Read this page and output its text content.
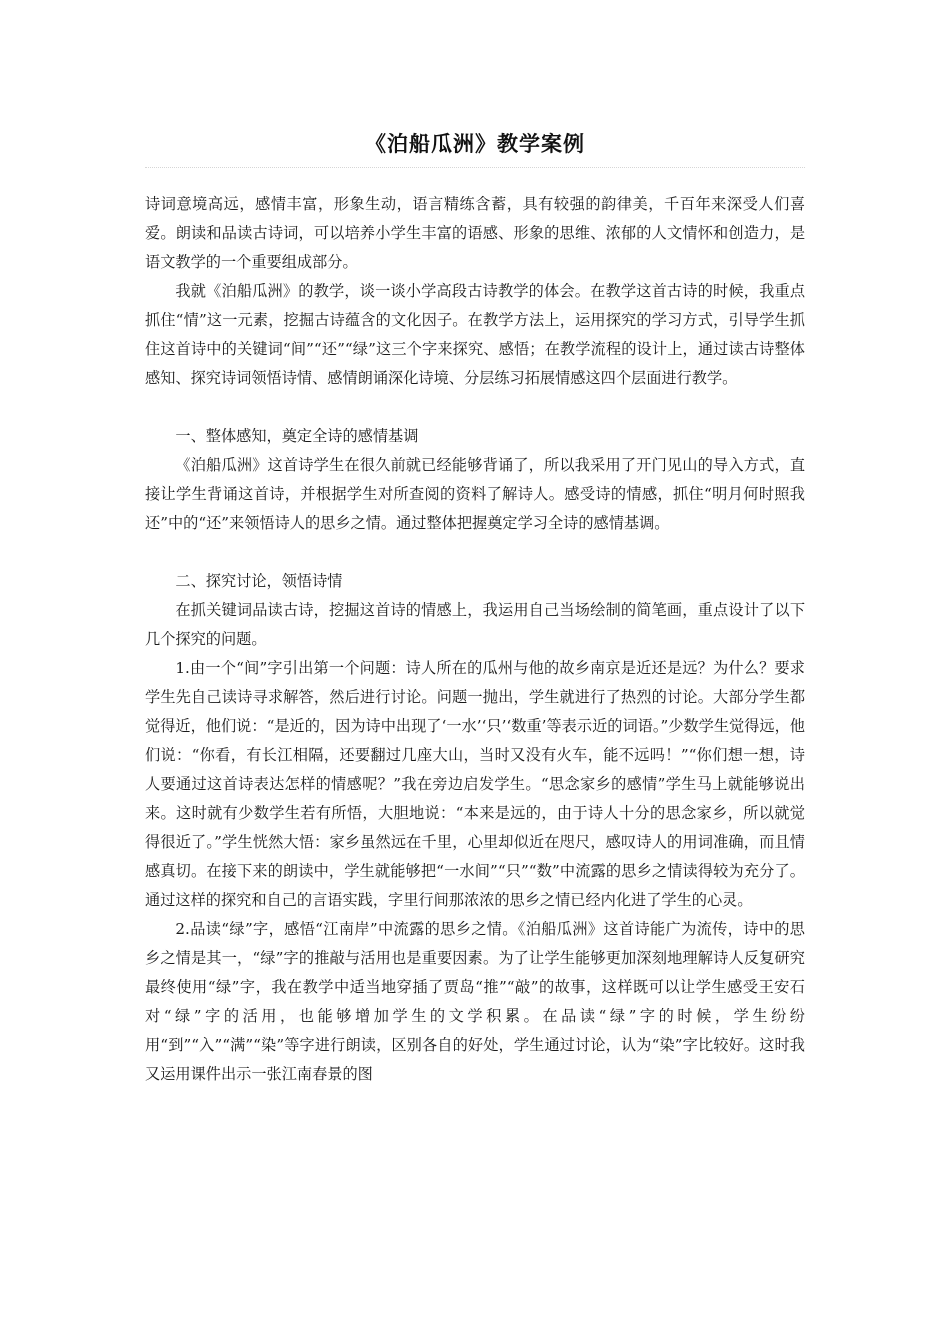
《泊船瓜洲》教学案例

诗词意境高远，感情丰富，形象生动，语言精练含蓄，具有较强的韵律美，千百年来深受人们喜爱。朗读和品读古诗词，可以培养小学生丰富的语感、形象的思维、浓郁的人文情怀和创造力，是语文教学的一个重要组成部分。

我就《泊船瓜洲》的教学，谈一谈小学高段古诗教学的体会。在教学这首古诗的时候，我重点抓住“情”这一元素，挖掘古诗蕴含的文化因子。在教学方法上，运用探究的学习方式，引导学生抓住这首诗中的关键词“间”“还”“绿”这三个字来探究、感悟；在教学流程的设计上，通过读古诗整体感知、探究诗词领悟诗情、感情朗诵深化诗境、分层练习拓展情感这四个层面进行教学。

一、整体感知，奠定全诗的感情基调

《泊船瓜洲》这首诗学生在很久前就已经能够背诵了，所以我采用了开门见山的导入方式，直接让学生背诵这首诗，并根据学生对所查阅的资料了解诗人。感受诗的情感，抓住“明月何时照我还”中的“还”来领悟诗人的思乡之情。通过整体把握奠定学习全诗的感情基调。

二、探究讨论，领悟诗情

在抓关键词品读古诗，挖掘这首诗的情感上，我运用自己当场绘制的简笔画，重点设计了以下几个探究的问题。

1.由一个“间”字引出第一个问题：诗人所在的瓜州与他的故乡南京是近还是远？为什么？要求学生先自己读诗寻求解答，然后进行讨论。问题一抛出，学生就进行了热烈的讨论。大部分学生都觉得近，他们说：“是近的，因为诗中出现了‘一水’‘只’‘数重’等表示近的词语。”少数学生觉得远，他们说：“你看，有长江相隔，还要翻过几座大山，当时又没有火车，能不远吗！”“你们想一想，诗人要通过这首诗表达怎样的情感呢？”我在旁边启发学生。“思念家乡的感情”学生马上就能够说出来。这时就有少数学生若有所悟，大胆地说：“本来是远的，由于诗人十分的思念家乡，所以就觉得很近了。”学生恍然大悟：家乡虽然远在千里，心里却似近在咫尺，感叹诗人的用词准确，而且情感真切。在接下来的朗读中，学生就能够把“一水间”“只”“数”中流露的思乡之情读得较为充分了。通过这样的探究和自己的言语实践，字里行间那浓浓的思乡之情已经内化进了学生的心灵。

2.品读“绿”字，感悟“江南岸”中流露的思乡之情。《泊船瓜洲》这首诗能广为流传，诗中的思乡之情是其一，“绿”字的推敲与活用也是重要因素。为了让学生能够更加深刻地理解诗人反复研究最终使用“绿”字，我在教学中适当地穿插了贾岛“推”“敲”的故事，这样既可以让学生感受王安石对“绿”字的活用，也能够增加学生的文学积累。在品读“绿”字的时候，学生纷纷用“到”“入”“满”“染”等字进行朗读，区别各自的好处，学生通过讨论，认为“染”字比较好。这时我又运用课件出示一张江南春景的图
